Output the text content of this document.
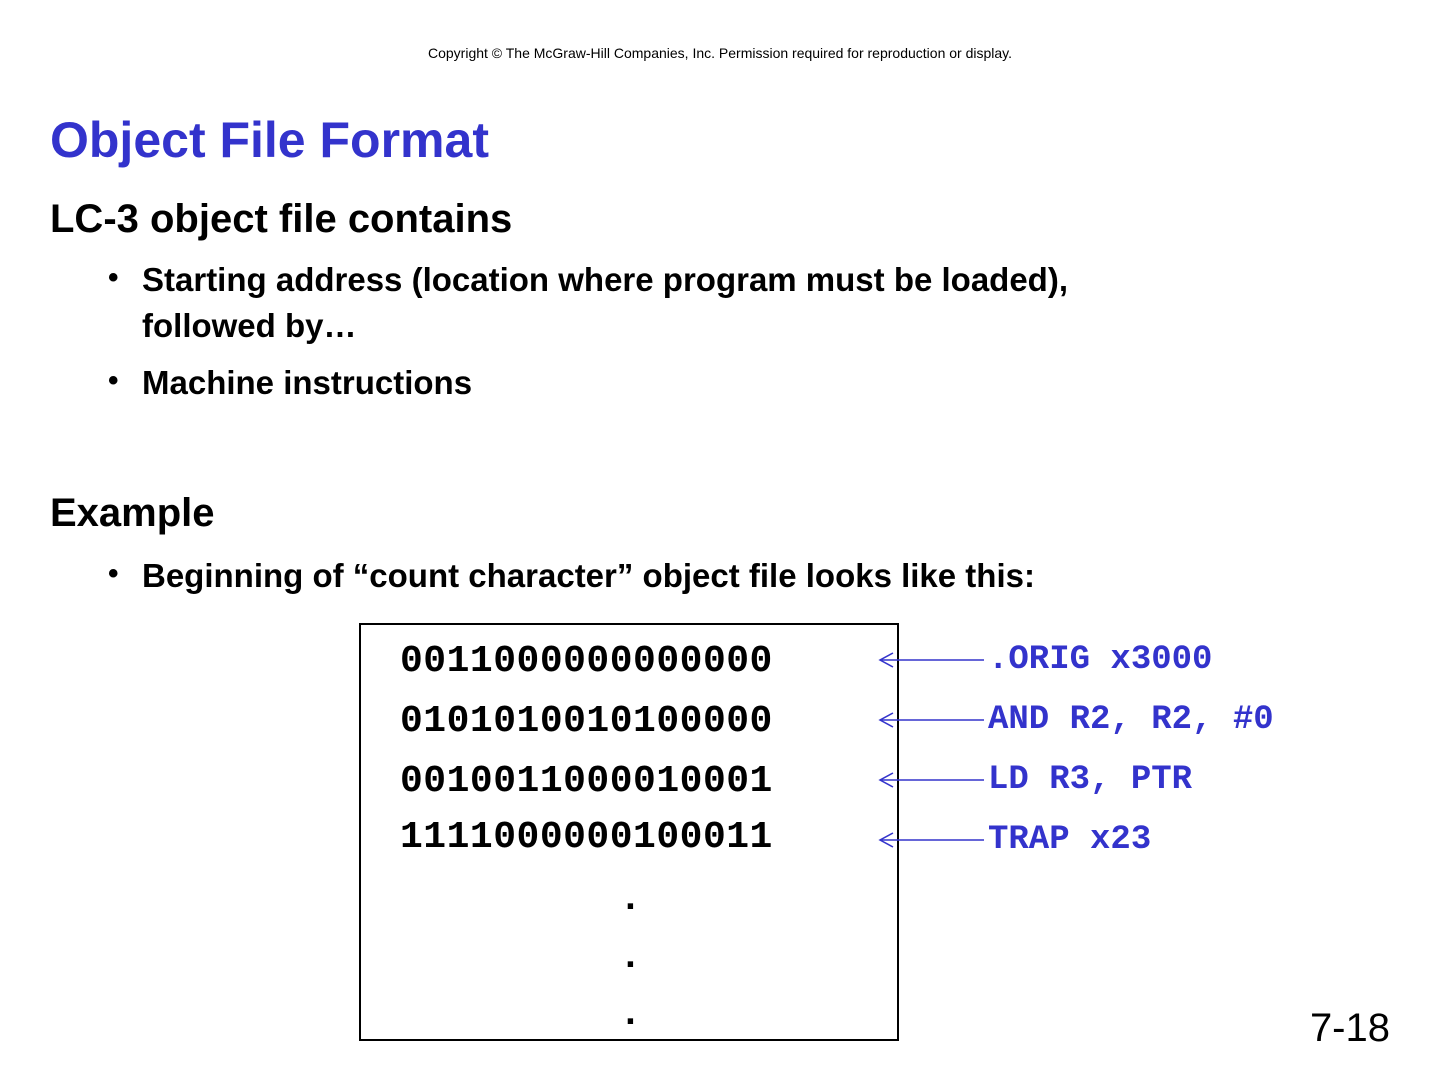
Copyright © The McGraw-Hill Companies, Inc. Permission required for reproduction or display.
Object File Format
LC-3 object file contains
• Starting address (location where program must be loaded),
followed by…
• Machine instructions
Example
• Beginning of “count character” object file looks like this:
0011000000000000
0101010010100000
0010011000010001
1111000000100011
.
.
.
.ORIG x3000
AND R2, R2, #0
LD R3, PTR
TRAP x23
7-18
